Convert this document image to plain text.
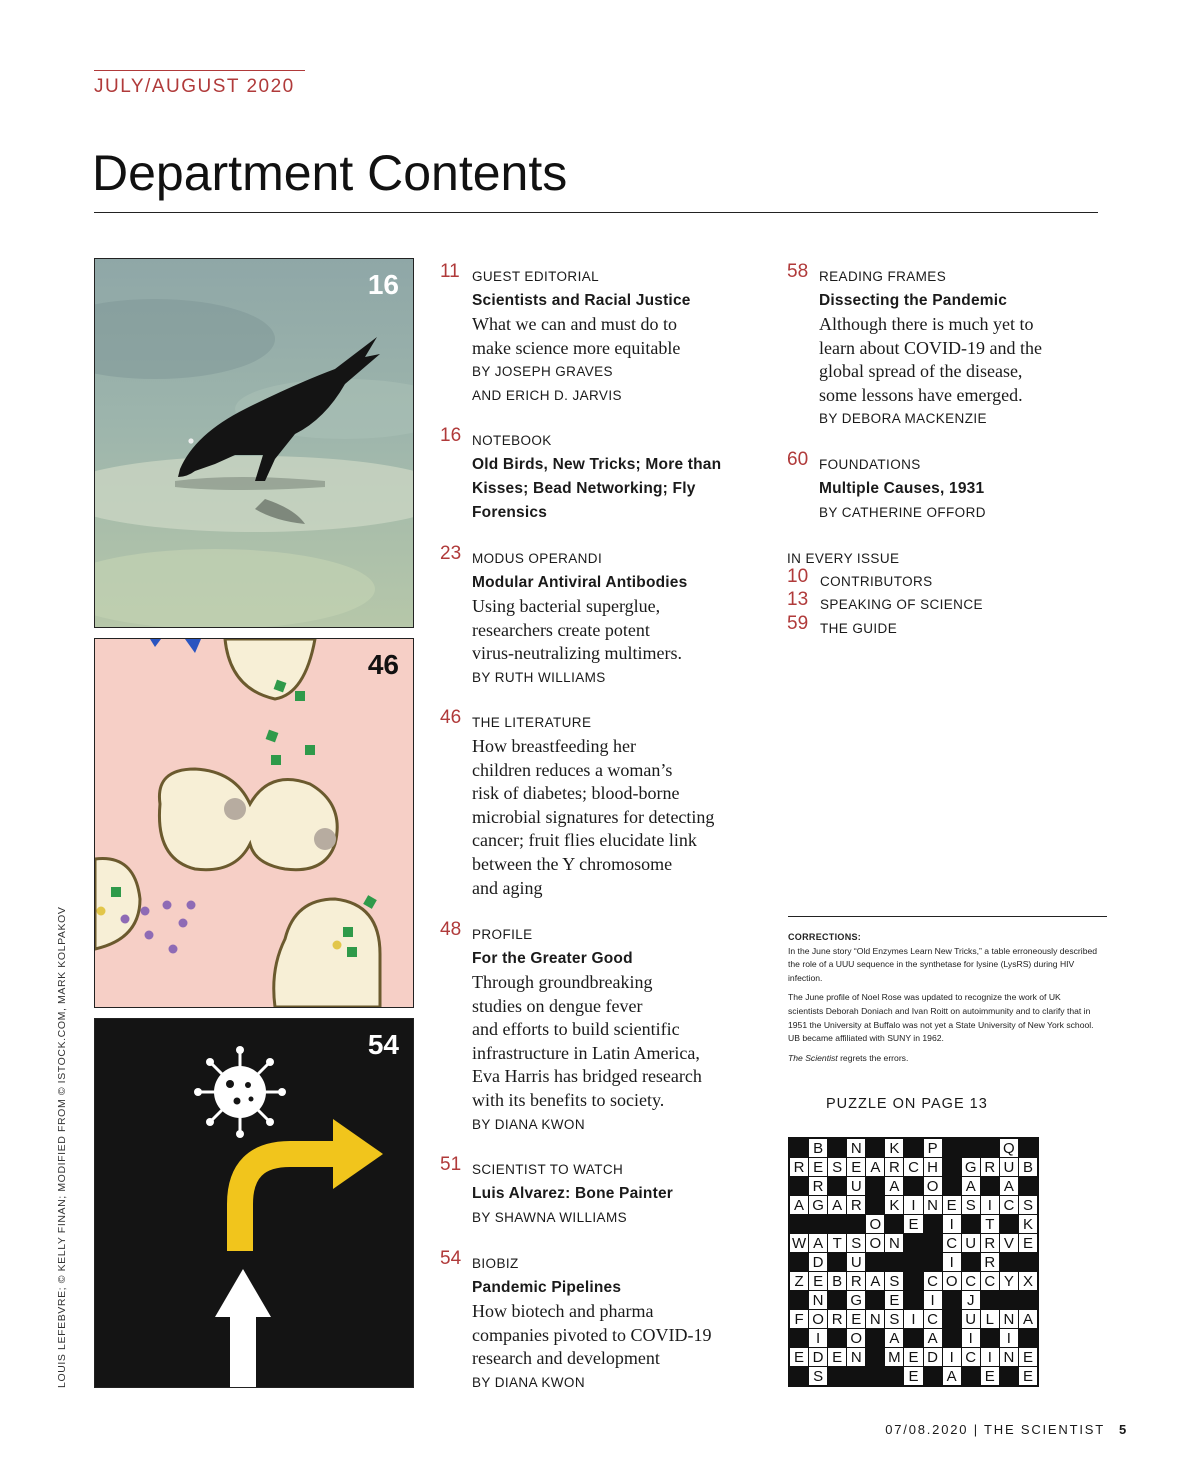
JULY/AUGUST 2020
Department Contents
LOUIS LEFEBVRE; © KELLY FINAN; MODIFIED FROM © ISTOCK.COM, MARK KOLPAKOV
16
46
54
11 GUEST EDITORIAL
Scientists and Racial Justice
What we can and must do to
make science more equitable
BY JOSEPH GRAVES
AND ERICH D. JARVIS
16 NOTEBOOK
Old Birds, New Tricks; More than
Kisses; Bead Networking; Fly
Forensics
23 MODUS OPERANDI
Modular Antiviral Antibodies
Using bacterial superglue,
researchers create potent
virus-neutralizing multimers.
BY RUTH WILLIAMS
46 THE LITERATURE
How breastfeeding her
children reduces a woman’s
risk of diabetes; blood-borne
microbial signatures for detecting
cancer; fruit flies elucidate link
between the Y chromosome
and aging
48 PROFILE
For the Greater Good
Through groundbreaking
studies on dengue fever
and efforts to build scientific
infrastructure in Latin America,
Eva Harris has bridged research
with its benefits to society.
BY DIANA KWON
51 SCIENTIST TO WATCH
Luis Alvarez: Bone Painter
BY SHAWNA WILLIAMS
54 BIOBIZ
Pandemic Pipelines
How biotech and pharma
companies pivoted to COVID-19
research and development
BY DIANA KWON
58 READING FRAMES
Dissecting the Pandemic
Although there is much yet to
learn about COVID-19 and the
global spread of the disease,
some lessons have emerged.
BY DEBORA MACKENZIE
60 FOUNDATIONS
Multiple Causes, 1931
BY CATHERINE OFFORD
IN EVERY ISSUE
10 CONTRIBUTORS
13 SPEAKING OF SCIENCE
59 THE GUIDE
CORRECTIONS:

In the June story “Old Enzymes Learn New Tricks,” a table erroneously described the role of a UUU sequence in the synthetase for lysine (LysRS) during HIV infection.

The June profile of Noel Rose was updated to recognize the work of UK scientists Deborah Doniach and Ivan Roitt on autoimmunity and to clarify that in 1951 the University at Buffalo was not yet a State University of New York school. UB became affiliated with SUNY in 1962.

The Scientist regrets the errors.

PUZZLE ON PAGE 13
B N K P	Q
R E S E A R C H G R U B
R U A O A A
A G A R K I N E S I C S
O E	I	T K
W A T S O N	C U R V E
D U	I	R
Z E B R A S C O C C Y X
N G E	I	J
F O R E N S I C U L N A
I	O A A	I	I
E D E N M E D I C I N E
S	E A E E
07/08.2020 | THE SCIENTIST 5
